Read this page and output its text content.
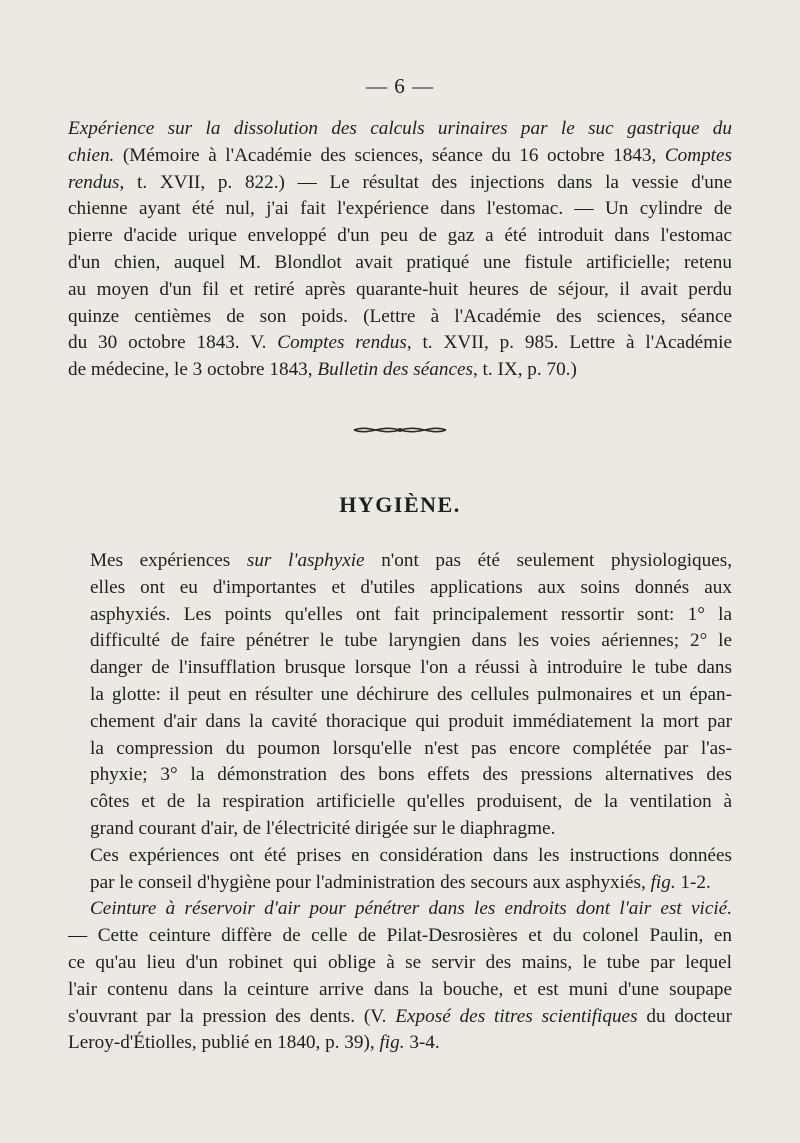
— 6 —
Expérience sur la dissolution des calculs urinaires par le suc gastrique du
chien. (Mémoire à l'Académie des sciences, séance du 16 octobre 1843, Comptes
rendus, t. XVII, p. 822.) — Le résultat des injections dans la vessie d'une
chienne ayant été nul, j'ai fait l'expérience dans l'estomac. — Un cylindre de
pierre d'acide urique enveloppé d'un peu de gaz a été introduit dans l'estomac
d'un chien, auquel M. Blondlot avait pratiqué une fistule artificielle; retenu
au moyen d'un fil et retiré après quarante-huit heures de séjour, il avait perdu
quinze centièmes de son poids. (Lettre à l'Académie des sciences, séance
du 30 octobre 1843. V. Comptes rendus, t. XVII, p. 985. Lettre à l'Académie
de médecine, le 3 octobre 1843, Bulletin des séances, t. IX, p. 70.)
HYGIÈNE.
Mes expériences sur l'asphyxie n'ont pas été seulement physiologiques,
elles ont eu d'importantes et d'utiles applications aux soins donnés aux
asphyxiés. Les points qu'elles ont fait principalement ressortir sont: 1° la
difficulté de faire pénétrer le tube laryngien dans les voies aériennes; 2° le
danger de l'insufflation brusque lorsque l'on a réussi à introduire le tube dans
la glotte: il peut en résulter une déchirure des cellules pulmonaires et un épan-
chement d'air dans la cavité thoracique qui produit immédiatement la mort par
la compression du poumon lorsqu'elle n'est pas encore complétée par l'as-
phyxie; 3° la démonstration des bons effets des pressions alternatives des
côtes et de la respiration artificielle qu'elles produisent, de la ventilation à
grand courant d'air, de l'électricité dirigée sur le diaphragme.
Ces expériences ont été prises en considération dans les instructions données
par le conseil d'hygiène pour l'administration des secours aux asphyxiés, fig. 1-2.
Ceinture à réservoir d'air pour pénétrer dans les endroits dont l'air est vicié.
— Cette ceinture diffère de celle de Pilat-Desrosières et du colonel Paulin, en
ce qu'au lieu d'un robinet qui oblige à se servir des mains, le tube par lequel
l'air contenu dans la ceinture arrive dans la bouche, et est muni d'une soupape
s'ouvrant par la pression des dents. (V. Exposé des titres scientifiques du docteur
Leroy-d'Étiolles, publié en 1840, p. 39), fig. 3-4.
